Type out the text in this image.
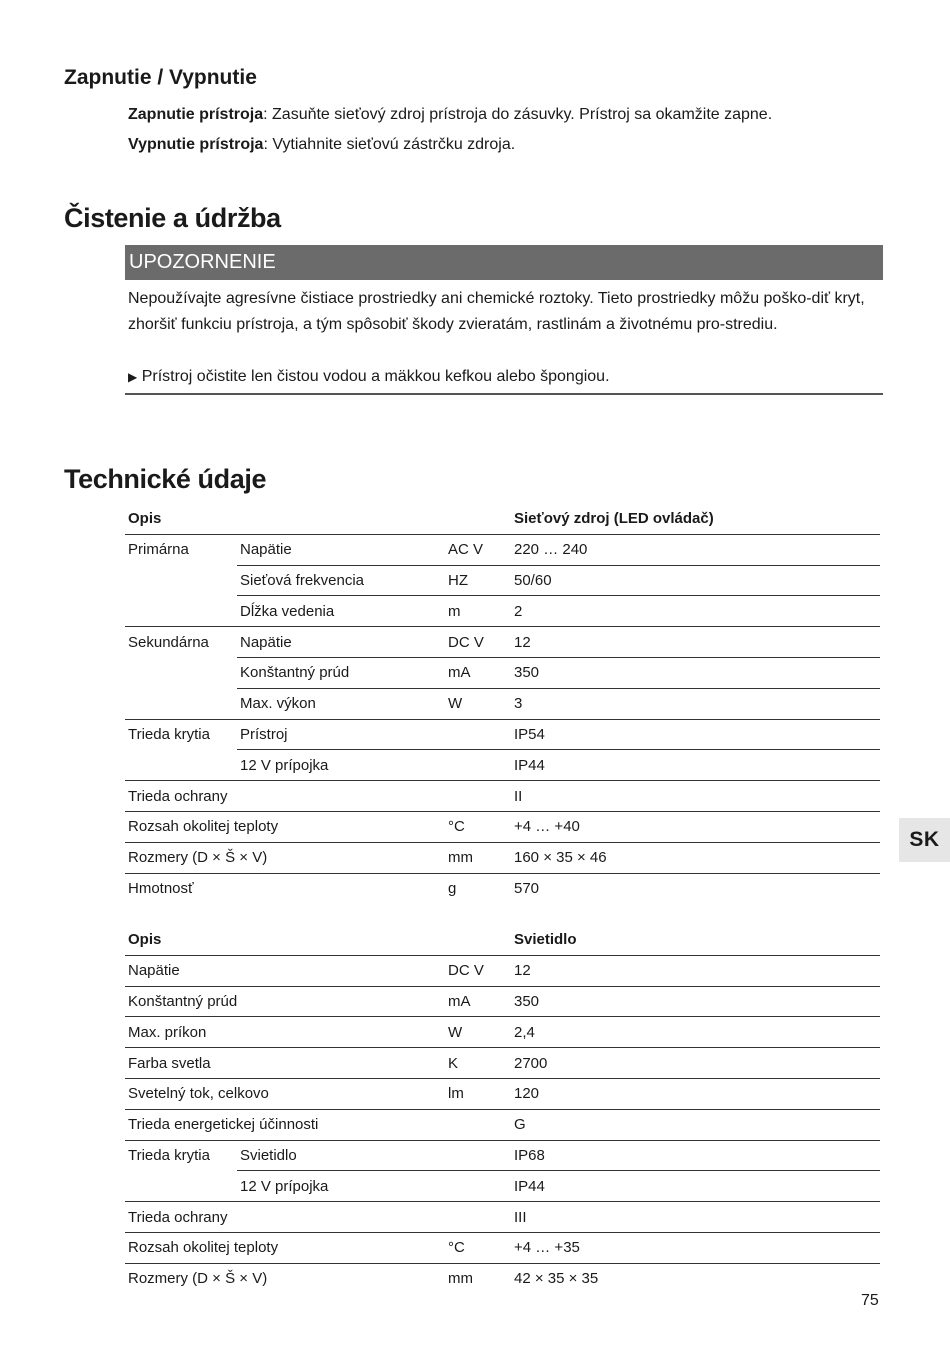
Zapnutie / Vypnutie
Zapnutie prístroja: Zasuňte sieťový zdroj prístroja do zásuvky. Prístroj sa okamžite zapne.
Vypnutie prístroja: Vytiahnite sieťovú zástrčku zdroja.
Čistenie a údržba
UPOZORNENIE
Nepoužívajte agresívne čistiace prostriedky ani chemické roztoky. Tieto prostriedky môžu poško-diť kryt, zhoršiť funkciu prístroja, a tým spôsobiť škody zvieratám, rastlinám a životnému pro-strediu.
▶ Prístroj očistite len čistou vodou a mäkkou kefkou alebo špongiou.
Technické údaje
Opis			Sieťový zdroj (LED ovládač)
Primárna	Napätie	AC V	220 … 240
	Sieťová frekvencia	HZ	50/60
	Dĺžka vedenia	m	2
Sekundárna	Napätie	DC V	12
	Konštantný prúd	mA	350
	Max. výkon	W	3
Trieda krytia	Prístroj		IP54
	12 V prípojka		IP44
Trieda ochrany			II
Rozsah okolitej teploty		°C	+4 … +40
Rozmery (D × Š × V)		mm	160 × 35 × 46
Hmotnosť		g	570
Opis			Svietidlo
Napätie		DC V	12
Konštantný prúd		mA	350
Max. príkon		W	2,4
Farba svetla		K	2700
Svetelný tok, celkovo		lm	120
Trieda energetickej účinnosti			G
Trieda krytia	Svietidlo		IP68
	12 V prípojka		IP44
Trieda ochrany			III
Rozsah okolitej teploty		°C	+4 … +35
Rozmery (D × Š × V)		mm	42 × 35 × 35
SK
75
